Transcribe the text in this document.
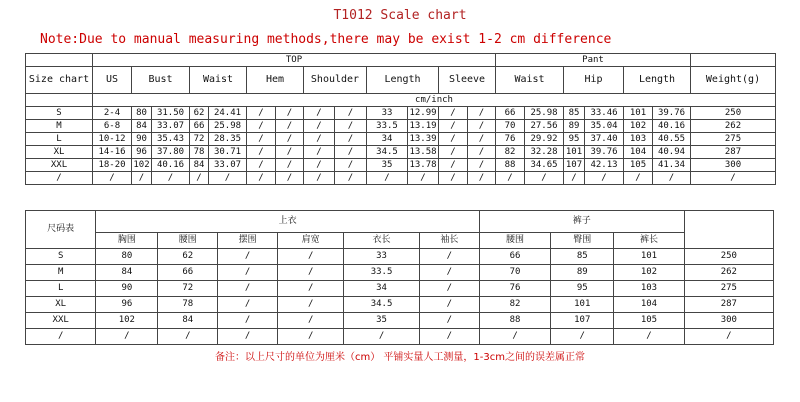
T1012 Scale chart
Note:Due to manual measuring methods,there may be exist 1-2 cm difference
	TOP													Pant						
Size chart	US	Bust		Waist		Hem		Shoulder		Length		Sleeve		Waist		Hip		Length		Weight(g)
	cm/inch																			
S	2-4	80	31.50	62	24.41	/	/	/	/	33	12.99	/	/	66	25.98	85	33.46	101	39.76	250
M	6-8	84	33.07	66	25.98	/	/	/	/	33.5	13.19	/	/	70	27.56	89	35.04	102	40.16	262
L	10-12	90	35.43	72	28.35	/	/	/	/	34	13.39	/	/	76	29.92	95	37.40	103	40.55	275
XL	14-16	96	37.80	78	30.71	/	/	/	/	34.5	13.58	/	/	82	32.28	101	39.76	104	40.94	287
XXL	18-20	102	40.16	84	33.07	/	/	/	/	35	13.78	/	/	88	34.65	107	42.13	105	41.34	300
/	/	/	/	/	/	/	/	/	/	/	/	/	/	/	/	/	/	/	/	/
尺码表	上衣						裤子			
	胸围	腰围	摆围	肩宽	衣长	袖长	腰围	臀围	裤长	
S	80	62	/	/	33	/	66	85	101	250
M	84	66	/	/	33.5	/	70	89	102	262
L	90	72	/	/	34	/	76	95	103	275
XL	96	78	/	/	34.5	/	82	101	104	287
XXL	102	84	/	/	35	/	88	107	105	300
/	/	/	/	/	/	/	/	/	/	/
备注：以上尺寸的单位为厘米（cm） 平铺实量人工测量，1-3cm之间的误差属正常
